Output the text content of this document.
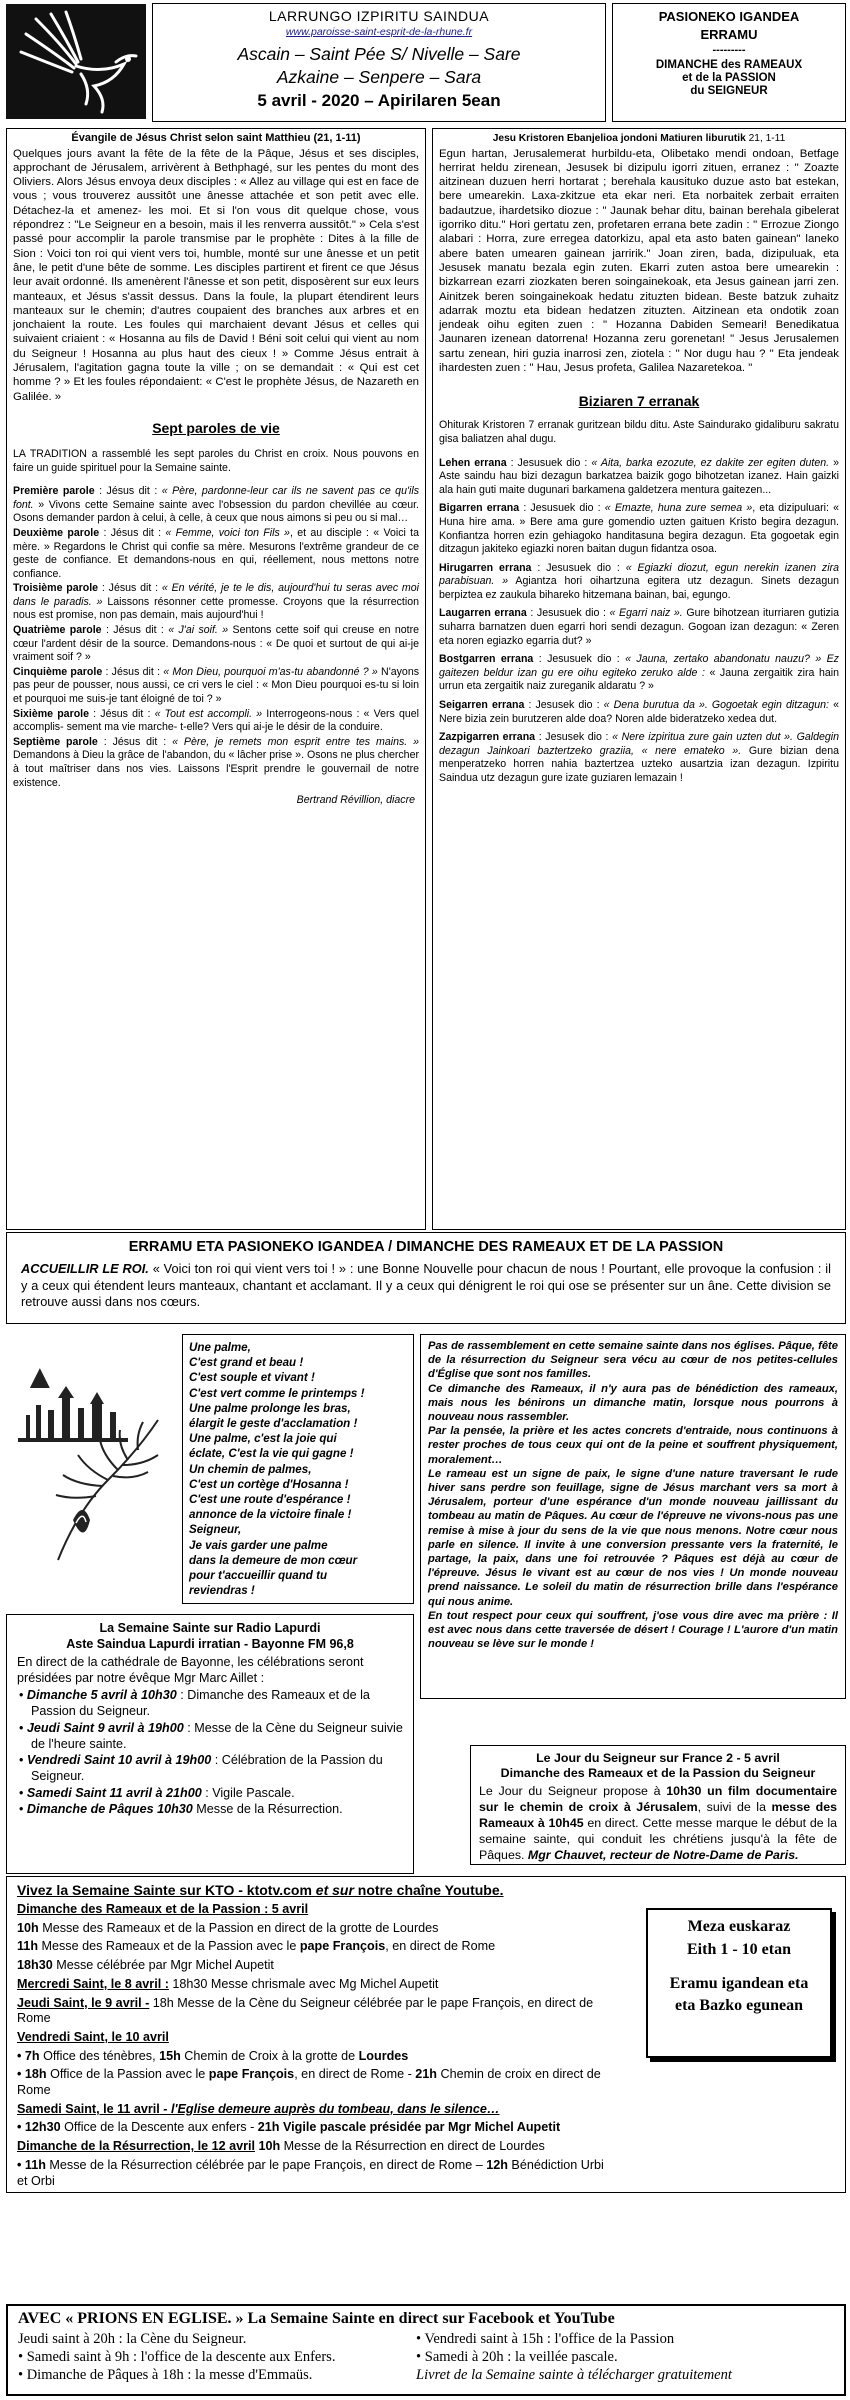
LARRUNGO IZPIRITU SAINDUA
www.paroisse-saint-esprit-de-la-rhune.fr
Ascain – Saint Pée S/ Nivelle – Sare
Azkaine – Senpere – Sara
5 avril - 2020 – Apirilaren 5ean
PASIONEKO IGANDEA
ERRAMU
---------
DIMANCHE des RAMEAUX
et de la PASSION
du SEIGNEUR
Évangile de Jésus Christ selon saint Matthieu (21, 1-11)

Quelques jours avant la fête de la fête de la Pâque, Jésus et ses disciples, approchant de Jérusalem, arrivèrent à Bethphagé, sur les pentes du mont des Oliviers. Alors Jésus envoya deux disciples : « Allez au village qui est en face de vous ; vous trouverez aussitôt une ânesse attachée et son petit avec elle. Détachez-la et amenez- les moi. Et si l'on vous dit quelque chose, vous répondrez : "Le Seigneur en a besoin, mais il les renverra aussitôt." » Cela s'est passé pour accomplir la parole transmise par le prophète : Dites à la fille de Sion : Voici ton roi qui vient vers toi, humble, monté sur une ânesse et un petit âne, le petit d'une bête de somme. Les disciples partirent et firent ce que Jésus leur avait ordonné. Ils amenèrent l'ânesse et son petit, disposèrent sur eux leurs manteaux, et Jésus s'assit dessus. Dans la foule, la plupart étendirent leurs manteaux sur le chemin; d'autres coupaient des branches aux arbres et en jonchaient la route. Les foules qui marchaient devant Jésus et celles qui suivaient criaient : « Hosanna au fils de David ! Béni soit celui qui vient au nom du Seigneur ! Hosanna au plus haut des cieux ! » Comme Jésus entrait à Jérusalem, l'agitation gagna toute la ville ; on se demandait : « Qui est cet homme ? » Et les foules répondaient: « C'est le prophète Jésus, de Nazareth en Galilée. »

Sept paroles de vie

LA TRADITION a rassemblé les sept paroles du Christ en croix. Nous pouvons en faire un guide spirituel pour la Semaine sainte.

Première parole : Jésus dit : « Père, pardonne-leur car ils ne savent pas ce qu'ils font. » Vivons cette Semaine sainte avec l'obsession du pardon chevillée au cœur. Osons demander pardon à celui, à celle, à ceux que nous aimons si peu ou si mal…

Deuxième parole : Jésus dit : « Femme, voici ton Fils », et au disciple : « Voici ta mère. » Regardons le Christ qui confie sa mère. Mesurons l'extrême grandeur de ce geste de confiance. Et demandons-nous en qui, réellement, nous mettons notre confiance.

Troisième parole : Jésus dit : « En vérité, je te le dis, aujourd'hui tu seras avec moi dans le paradis. » Laissons résonner cette promesse. Croyons que la résurrection nous est promise, non pas demain, mais aujourd'hui !

Quatrième parole : Jésus dit : « J'ai soif. » Sentons cette soif qui creuse en notre cœur l'ardent désir de la source. Demandons-nous : « De quoi et surtout de qui ai-je vraiment soif ? »

Cinquième parole : Jésus dit : « Mon Dieu, pourquoi m'as-tu abandonné ? » N'ayons pas peur de pousser, nous aussi, ce cri vers le ciel : « Mon Dieu pourquoi es-tu si loin et pourquoi me suis-je tant éloigné de toi ? »

Sixième parole : Jésus dit : « Tout est accompli. » Interrogeons-nous : « Vers quel accomplis- sement ma vie marche- t-elle? Vers qui ai-je le désir de la conduire.

Septième parole : Jésus dit : « Père, je remets mon esprit entre tes mains. » Demandons à Dieu la grâce de l'abandon, du « lâcher prise ». Osons ne plus chercher à tout maîtriser dans nos vies. Laissons l'Esprit prendre le gouvernail de notre existence.

Bertrand Révillion, diacre
Jesu Kristoren Ebanjelioa jondoni Matiuren liburutik 21, 1-11

Egun hartan, Jerusalemerat hurbildu-eta, Olibetako mendi ondoan, Betfage herrirat heldu zirenean, Jesusek bi dizipulu igorri zituen, erranez : " Zoazte aitzinean duzuen herri hortarat ; berehala kausituko duzue asto bat estekan, bere umearekin. Laxa-zkitzue eta ekar neri. Eta norbaitek zerbait erraiten badautzue, ihardetsiko diozue : " Jaunak behar ditu, bainan berehala gibelerat igorriko ditu." Hori gertatu zen, profetaren errana bete zadin : " Errozue Ziongo alabari : Horra, zure erregea datorkizu, apal eta asto baten gainean" laneko abere baten umearen gainean jarririk." Joan ziren, bada, dizipuluak, eta Jesusek manatu bezala egin zuten. Ekarri zuten astoa bere umearekin : bizkarrean ezarri ziozkaten beren soingainekoak, eta Jesus gainean jarri zen. Ainitzek beren soingainekoak hedatu zituzten bidean. Beste batzuk zuhaitz adarrak moztu eta bidean hedatzen zituzten. Aitzinean eta ondotik zoan jendeak oihu egiten zuen : " Hozanna Dabiden Semeari! Benedikatua Jaunaren izenean datorrena! Hozanna zeru gorenetan! " Jesus Jerusalemen sartu zenean, hiri guzia inarrosi zen, ziotela : " Nor dugu hau ? " Eta jendeak ihardesten zuen : " Hau, Jesus profeta, Galilea Nazaretekoa. "

Biziaren 7 erranak

Ohiturak Kristoren 7 erranak guritzean bildu ditu. Aste Saindurako gidaliburu sakratu gisa baliatzen ahal dugu.

Lehen errana : Jesusuek dio : « Aita, barka ezozute, ez dakite zer egiten duten. » Aste saindu hau bizi dezagun barkatzea baizik gogo bihotzetan izanez. Hain gaizki ala hain guti maite dugunari barkamena galdetzera mentura gaitezen...

Bigarren errana : Jesusuek dio : « Emazte, huna zure semea », eta dizipuluari: « Huna hire ama. » Bere ama gure gomendio uzten gaituen Kristo begira dezagun. Konfiantza horren ezin gehiagoko handitasuna begira dezagun. Eta gogoetak egin ditzagun jakiteko egiazki noren baitan dugun fidantza osoa.

Hirugarren errana : Jesusuek dio : « Egiazki diozut, egun nerekin izanen zira parabisuan. » Agiantza hori oihartzuna egitera utz dezagun. Sinets dezagun berpiztea ez zaukula bihareko hitzemana bainan, bai, egungo.

Laugarren errana : Jesusuek dio : « Egarri naiz ». Gure bihotzean iturriaren gutizia suharra barnatzen duen egarri hori sendi dezagun. Gogoan izan dezagun: « Zeren eta noren egiazko egarria dut? »

Bostgarren errana : Jesusuek dio : « Jauna, zertako abandonatu nauzu? » Ez gaitezen beldur izan gu ere oihu egiteko zeruko alde : « Jauna zergaitik zira hain urrun eta zergaitik naiz zureganik aldaratu ? »

Seigarren errana : Jesusek dio : « Dena burutua da ». Gogoetak egin ditzagun: « Nere bizia zein burutzeren alde doa? Noren alde bideratzeko xedea dut.

Zazpigarren errana : Jesusek dio : « Nere izpiritua zure gain uzten dut ». Galdegin dezagun Jainkoari baztertzeko graziia, « nere emateko ». Gure bizian dena menperatzeko horren nahia baztertzea uzteko ausartzia izan dezagun. Izpiritu Saindua utz dezagun gure izate guziaren lemazain !

ERRAMU ETA PASIONEKO IGANDEA / DIMANCHE DES RAMEAUX ET DE LA PASSION

ACCUEILLIR LE ROI. « Voici ton roi qui vient vers toi ! » : une Bonne Nouvelle pour chacun de nous ! Pourtant, elle provoque la confusion : il y a ceux qui étendent leurs manteaux, chantant et acclamant. Il y a ceux qui dénigrent le roi qui ose se présenter sur un âne. Cette division se retrouve aussi dans nos cœurs.

▲
Une palme,
C'est grand et beau !
C'est souple et vivant !
C'est vert comme le printemps !
Une palme prolonge les bras,
élargit le geste d'acclamation !
Une palme, c'est la joie qui
éclate, C'est la vie qui gagne !
Un chemin de palmes,
C'est un cortège d'Hosanna !
C'est une route d'espérance !
annonce de la victoire finale !
Seigneur,
Je vais garder une palme
dans la demeure de mon cœur
pour t'accueillir quand tu
reviendras !

Pas de rassemblement en cette semaine sainte dans nos églises. Pâque, fête de la résurrection du Seigneur sera vécu au cœur de nos petites-cellules d'Église que sont nos familles.

Ce dimanche des Rameaux, il n'y aura pas de bénédiction des rameaux, mais nous les bénirons un dimanche matin, lorsque nous pourrons à nouveau nous rassembler.

Par la pensée, la prière et les actes concrets d'entraide, nous continuons à rester proches de tous ceux qui ont de la peine et souffrent physiquement, moralement…

Le rameau est un signe de paix, le signe d'une nature traversant le rude hiver sans perdre son feuillage, signe de Jésus marchant vers sa mort à Jérusalem, porteur d'une espérance d'un monde nouveau jaillissant du tombeau au matin de Pâques. Au cœur de l'épreuve ne vivons-nous pas une remise à mise à jour du sens de la vie que nous menons. Notre cœur nous parle en silence. Il invite à une conversion pressante vers la fraternité, le partage, la paix, dans une foi retrouvée ? Pâques est déjà au cœur de l'épreuve. Jésus le vivant est au cœur de nos vies ! Un monde nouveau prend naissance. Le soleil du matin de résurrection brille dans l'espérance qui nous anime.

En tout respect pour ceux qui souffrent, j'ose vous dire avec ma prière : Il est avec nous dans cette traversée de désert ! Courage ! L'aurore d'un matin nouveau se lève sur le monde !

La Semaine Sainte sur Radio Lapurdi
Aste Saindua Lapurdi irratian - Bayonne FM 96,8

En direct de la cathédrale de Bayonne, les célébrations seront présidées par notre évêque Mgr Marc Aillet :

• Dimanche 5 avril à 10h30 : Dimanche des Rameaux et de la Passion du Seigneur.

• Jeudi Saint 9 avril à 19h00 : Messe de la Cène du Seigneur suivie de l'heure sainte.

• Vendredi Saint 10 avril à 19h00 : Célébration de la Passion du Seigneur.

• Samedi Saint 11 avril à 21h00 : Vigile Pascale.

• Dimanche de Pâques 10h30 Messe de la Résurrection.

Le Jour du Seigneur sur France 2 - 5 avril
Dimanche des Rameaux et de la Passion du Seigneur

Le Jour du Seigneur propose à 10h30 un film documentaire sur le chemin de croix à Jérusalem, suivi de la messe des Rameaux à 10h45 en direct. Cette messe marque le début de la semaine sainte, qui conduit les chrétiens jusqu'à la fête de Pâques. Mgr Chauvet, recteur de Notre-Dame de Paris.

Vivez la Semaine Sainte sur KTO - ktotv.com et sur notre chaîne Youtube.
Dimanche des Rameaux et de la Passion : 5 avril
10h Messe des Rameaux et de la Passion en direct de la grotte de Lourdes
11h Messe des Rameaux et de la Passion avec le pape François, en direct de Rome
18h30 Messe célébrée par Mgr Michel Aupetit
Mercredi Saint, le 8 avril : 18h30 Messe chrismale avec Mg Michel Aupetit
Jeudi Saint, le 9 avril - 18h Messe de la Cène du Seigneur célébrée par le pape François, en direct de Rome
Vendredi Saint, le 10 avril
• 7h Office des ténèbres, 15h Chemin de Croix à la grotte de Lourdes
• 18h Office de la Passion avec le pape François, en direct de Rome - 21h Chemin de croix en direct de Rome
Samedi Saint, le 11 avril - l'Eglise demeure auprès du tombeau, dans le silence…
• 12h30 Office de la Descente aux enfers - 21h Vigile pascale présidée par Mgr Michel Aupetit
Dimanche de la Résurrection, le 12 avril 10h Messe de la Résurrection en direct de Lourdes
• 11h Messe de la Résurrection célébrée par le pape François, en direct de Rome – 12h Bénédiction Urbi et Orbi
Meza euskaraz
Eith 1 - 10 etan
Eramu igandean eta
eta Bazko egunean
AVEC « PRIONS EN EGLISE. » La Semaine Sainte en direct sur Facebook et YouTube
Jeudi saint à 20h : la Cène du Seigneur.
• Samedi saint à 9h : l'office de la descente aux Enfers.
• Dimanche de Pâques à 18h : la messe d'Emmaüs.
• Vendredi saint à 15h : l'office de la Passion
• Samedi à 20h : la veillée pascale.
Livret de la Semaine sainte à télécharger gratuitement
